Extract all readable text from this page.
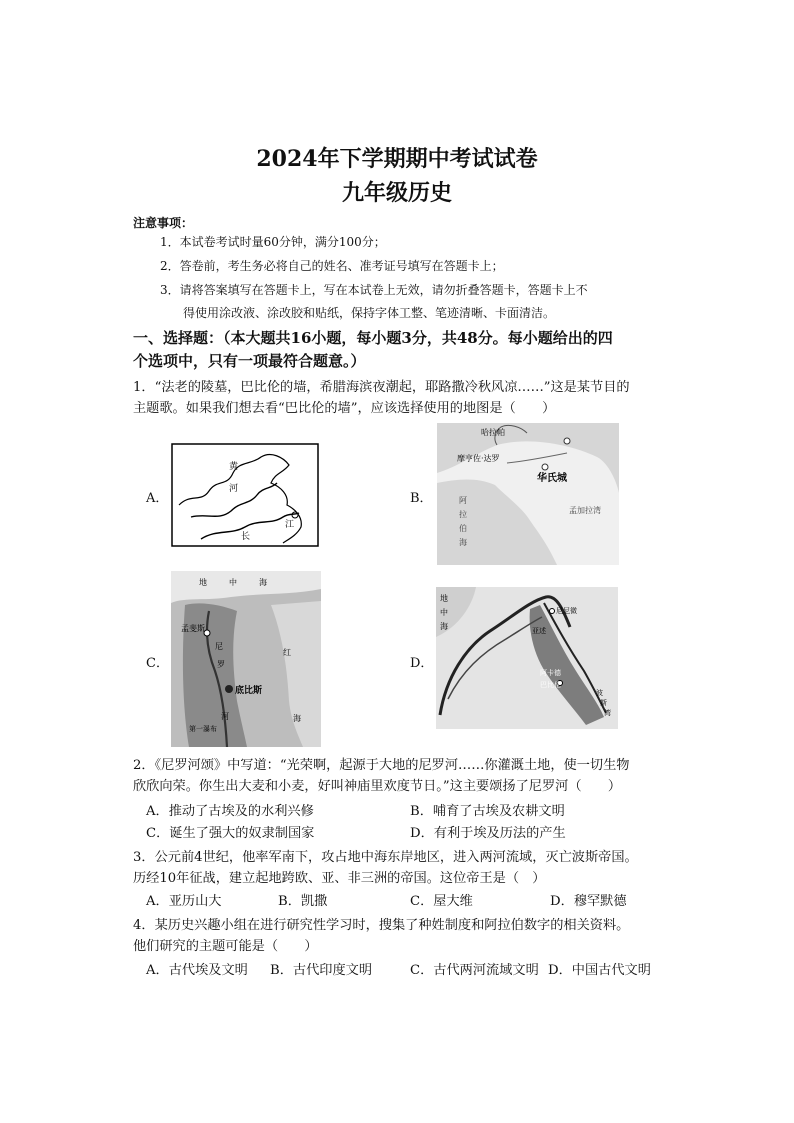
2024年下学期期中考试试卷
九年级历史
注意事项：
1．本试卷考试时量60分钟，满分100分；
2．答卷前，考生务必将自己的姓名、准考证号填写在答题卡上；
3．请将答案填写在答题卡上，写在本试卷上无效，请勿折叠答题卡，答题卡上不
得使用涂改液、涂改胶和贴纸，保持字体工整、笔迹清晰、卡面清洁。
一、选择题：（本大题共16小题，每小题3分，共48分。每小题给出的四
个选项中，只有一项最符合题意。）
1．“法老的陵墓，巴比伦的墙，希腊海滨夜潮起，耶路撒冷秋风凉……”这是某节目的
主题歌。如果我们想去看“巴比伦的墙”，应该选择使用的地图是（　　）
A．	B．
C．	D．
黄
河
长
江
哈拉帕
摩亨佐·达罗
华氏城
阿
拉
伯
海
孟加拉湾
地	中	海
孟斐斯
尼
罗
河
红
海
底比斯
第一瀑布
地
中
海
尼尼微
亚述
阿卡德
巴比伦
波
斯
湾
2．《尼罗河颂》中写道：“光荣啊，起源于大地的尼罗河……你灌溉土地，使一切生物
欣欣向荣。你生出大麦和小麦，好叫神庙里欢度节日。”这主要颂扬了尼罗河（　　）
A．推动了古埃及的水利兴修	B．哺育了古埃及农耕文明
C．诞生了强大的奴隶制国家	D．有利于埃及历法的产生
3．公元前4世纪，他率军南下，攻占地中海东岸地区，进入两河流域，灭亡波斯帝国。
历经10年征战，建立起地跨欧、亚、非三洲的帝国。这位帝王是（　）
A．亚历山大	B．凯撒	C．屋大维	D．穆罕默德
4．某历史兴趣小组在进行研究性学习时，搜集了种姓制度和阿拉伯数字的相关资料。
他们研究的主题可能是（　　）
A．古代埃及文明 B．古代印度文明	C．古代两河流域文明 D．中国古代文明
